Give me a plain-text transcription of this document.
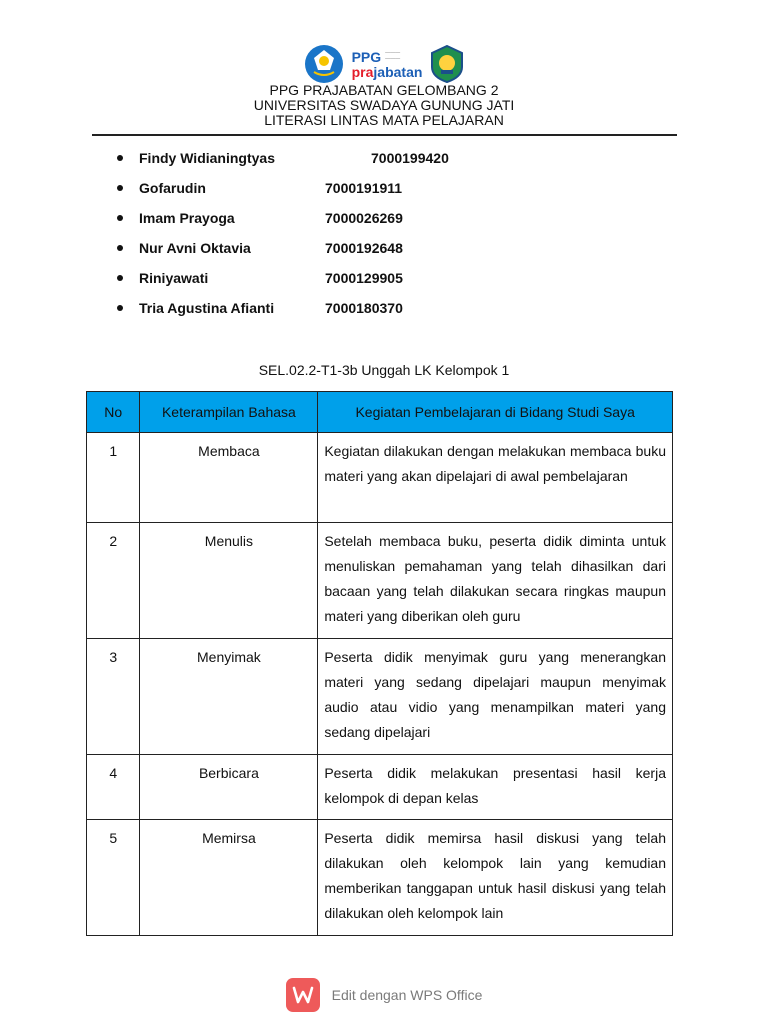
PPG ———
———
prajabatan
PPG PRAJABATAN GELOMBANG 2
UNIVERSITAS SWADAYA GUNUNG JATI
LITERASI LINTAS MATA PELAJARAN
Findy Widianingtyas	7000199420
Gofarudin	7000191911
Imam Prayoga	7000026269
Nur Avni Oktavia	7000192648
Riniyawati	7000129905
Tria Agustina Afianti	7000180370
SEL.02.2-T1-3b Unggah LK Kelompok 1
No	Keterampilan Bahasa	Kegiatan Pembelajaran di Bidang Studi Saya
1	Membaca	Kegiatan dilakukan dengan melakukan membaca buku materi yang akan dipelajari di awal pembelajaran
2	Menulis	Setelah membaca buku, peserta didik diminta untuk menuliskan pemahaman yang telah dihasilkan dari bacaan yang telah dilakukan secara ringkas maupun materi yang diberikan oleh guru
3	Menyimak	Peserta didik menyimak guru yang menerangkan materi yang sedang dipelajari maupun menyimak audio atau vidio yang menampilkan materi yang sedang dipelajari
4	Berbicara	Peserta didik melakukan presentasi hasil kerja kelompok di depan kelas
5	Memirsa	Peserta didik memirsa hasil diskusi yang telah dilakukan oleh kelompok lain yang kemudian memberikan tanggapan untuk hasil diskusi yang telah dilakukan oleh kelompok lain
Edit dengan WPS Office
